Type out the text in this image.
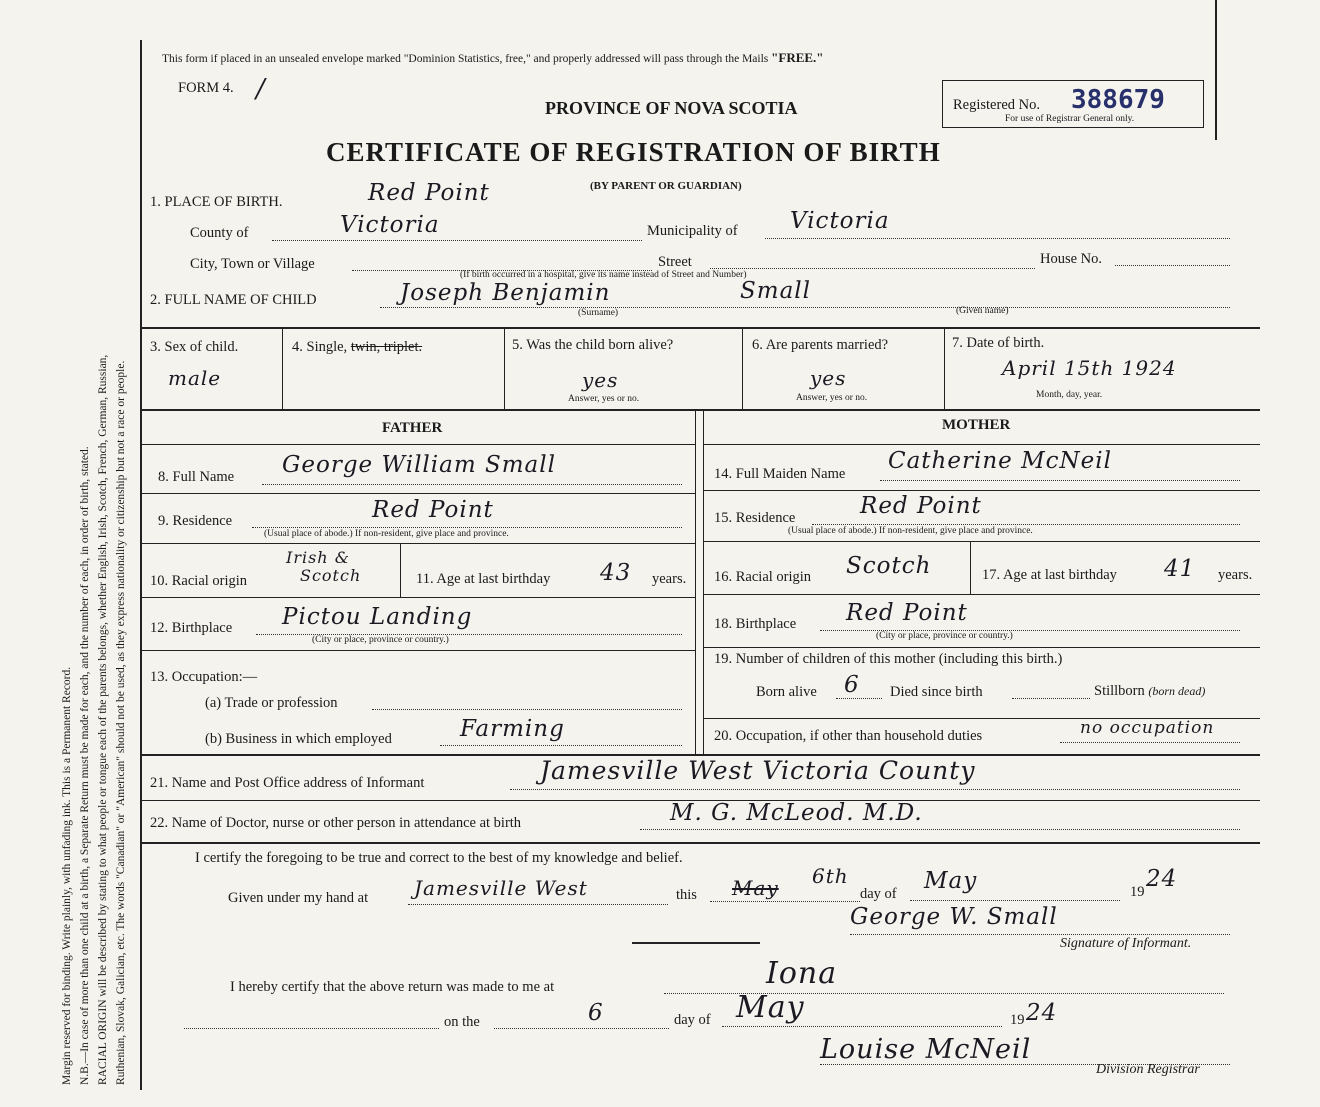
Margin reserved for binding. Write plainly, with unfading ink. This is a Permanent Record. N.B.—In case of more than one child at a birth, a Separate Return must be made for each, and the number of each, in order of birth, stated. RACIAL ORIGIN will be described by stating to what people or tongue each of the parents belongs, whether English, Irish, Scotch, French, German, Russian, Ruthenian, Slovak, Galician, etc. The words "Canadian" or "American" should not be used, as they express nationality or citizenship but not a race or people.
This form if placed in an unsealed envelope marked "Dominion Statistics, free," and properly addressed will pass through the Mails "FREE."
FORM 4. /
PROVINCE OF NOVA SCOTIA
CERTIFICATE OF REGISTRATION OF BIRTH
(BY PARENT OR GUARDIAN)
Registered No. 388679
For use of Registrar General only.
1. PLACE OF BIRTH.	Red Point
County of	Victoria	Municipality of Victoria
City, Town or Village	Street	House No.
(If birth occurred in a hospital, give its name instead of Street and Number)
2. FULL NAME OF CHILD	Joseph Benjamin	Small
(Surname)	(Given name)
3. Sex of child.
male
4. Single, twin, triplet.	5. Was the child born alive?
yes
Answer, yes or no.
6. Are parents married?
yes
Answer, yes or no.
7. Date of birth.
April 15th 1924
Month, day, year.
FATHER	MOTHER
8. Full Name George William Small
9. Residence	Red Point
(Usual place of abode.) If non-resident, give place and province.
10. Racial origin
Irish &
Scotch	11. Age at last birthday 43 years.
12. Birthplace Pictou Landing
(City or place, province or country.)
13. Occupation:—
(a) Trade or profession
(b) Business in which employed	Farming
14. Full Maiden Name Catherine McNeil
15. Residence	Red Point
(Usual place of abode.) If non-resident, give place and province.
16. Racial origin Scotch	17. Age at last birthday 41 years.
18. Birthplace Red Point
(City or place, province or country.)
19. Number of children of this mother (including this birth.)
Born alive 6 Died since birth	Stillborn (born dead)
20. Occupation, if other than household duties	no occupation
21. Name and Post Office address of Informant	Jamesville West Victoria County
22. Name of Doctor, nurse or other person in attendance at birth	M. G. McLeod. M.D.
I certify the foregoing to be true and correct to the best of my knowledge and belief.
Given under my hand at Jamesville West	this May 6th
day of May	19 24
George W. Small
Signature of Informant.
I hereby certify that the above return was made to me at	Iona
on the	6	day of May	19 24
Louise McNeil
Division Registrar
